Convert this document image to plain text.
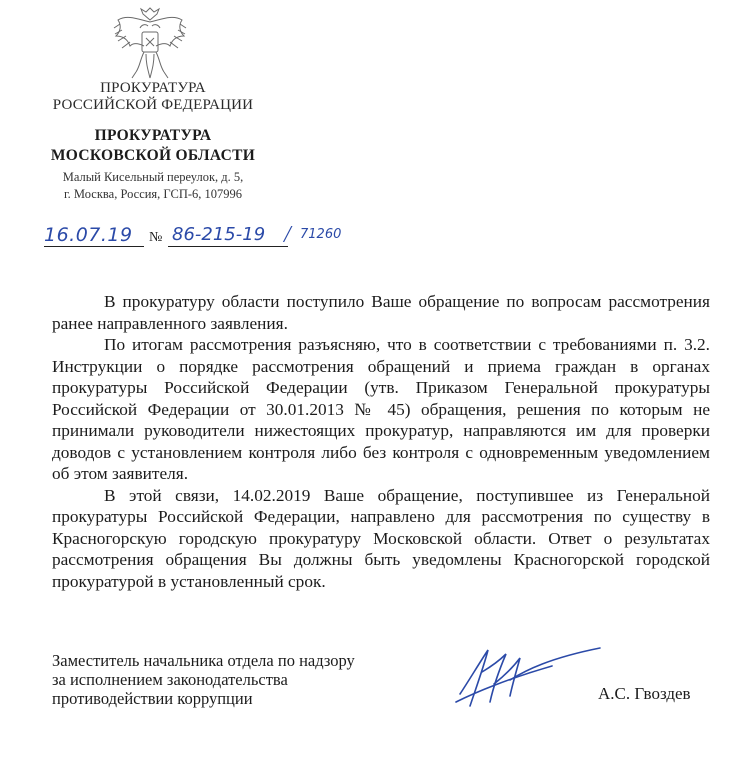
ПРОКУРАТУРА
РОССИЙСКОЙ ФЕДЕРАЦИИ
ПРОКУРАТУРА
МОСКОВСКОЙ ОБЛАСТИ
Малый Кисельный переулок, д. 5,
г. Москва, Россия, ГСП-6, 107996
16.07.19 № 86-215-19 / 71260

В прокуратуру области поступило Ваше обращение по вопросам рассмотрения ранее направленного заявления.

По итогам рассмотрения разъясняю, что в соответствии с требованиями п. 3.2. Инструкции о порядке рассмотрения обращений и приема граждан в органах прокуратуры Российской Федерации (утв. Приказом Генеральной прокуратуры Российской Федерации от 30.01.2013 № 45) обращения, решения по которым не принимали руководители нижестоящих прокуратур, направляются им для проверки доводов с установлением контроля либо без контроля с одновременным уведомлением об этом заявителя.

В этой связи, 14.02.2019 Ваше обращение, поступившее из Генеральной прокуратуры Российской Федерации, направлено для рассмотрения по существу в Красногорскую городскую прокуратуру Московской области. Ответ о результатах рассмотрения обращения Вы должны быть уведомлены Красногорской городской прокуратурой в установленный срок.

Заместитель начальника отдела по надзору
за исполнением законодательства
противодействии коррупции	А.С. Гвоздев
